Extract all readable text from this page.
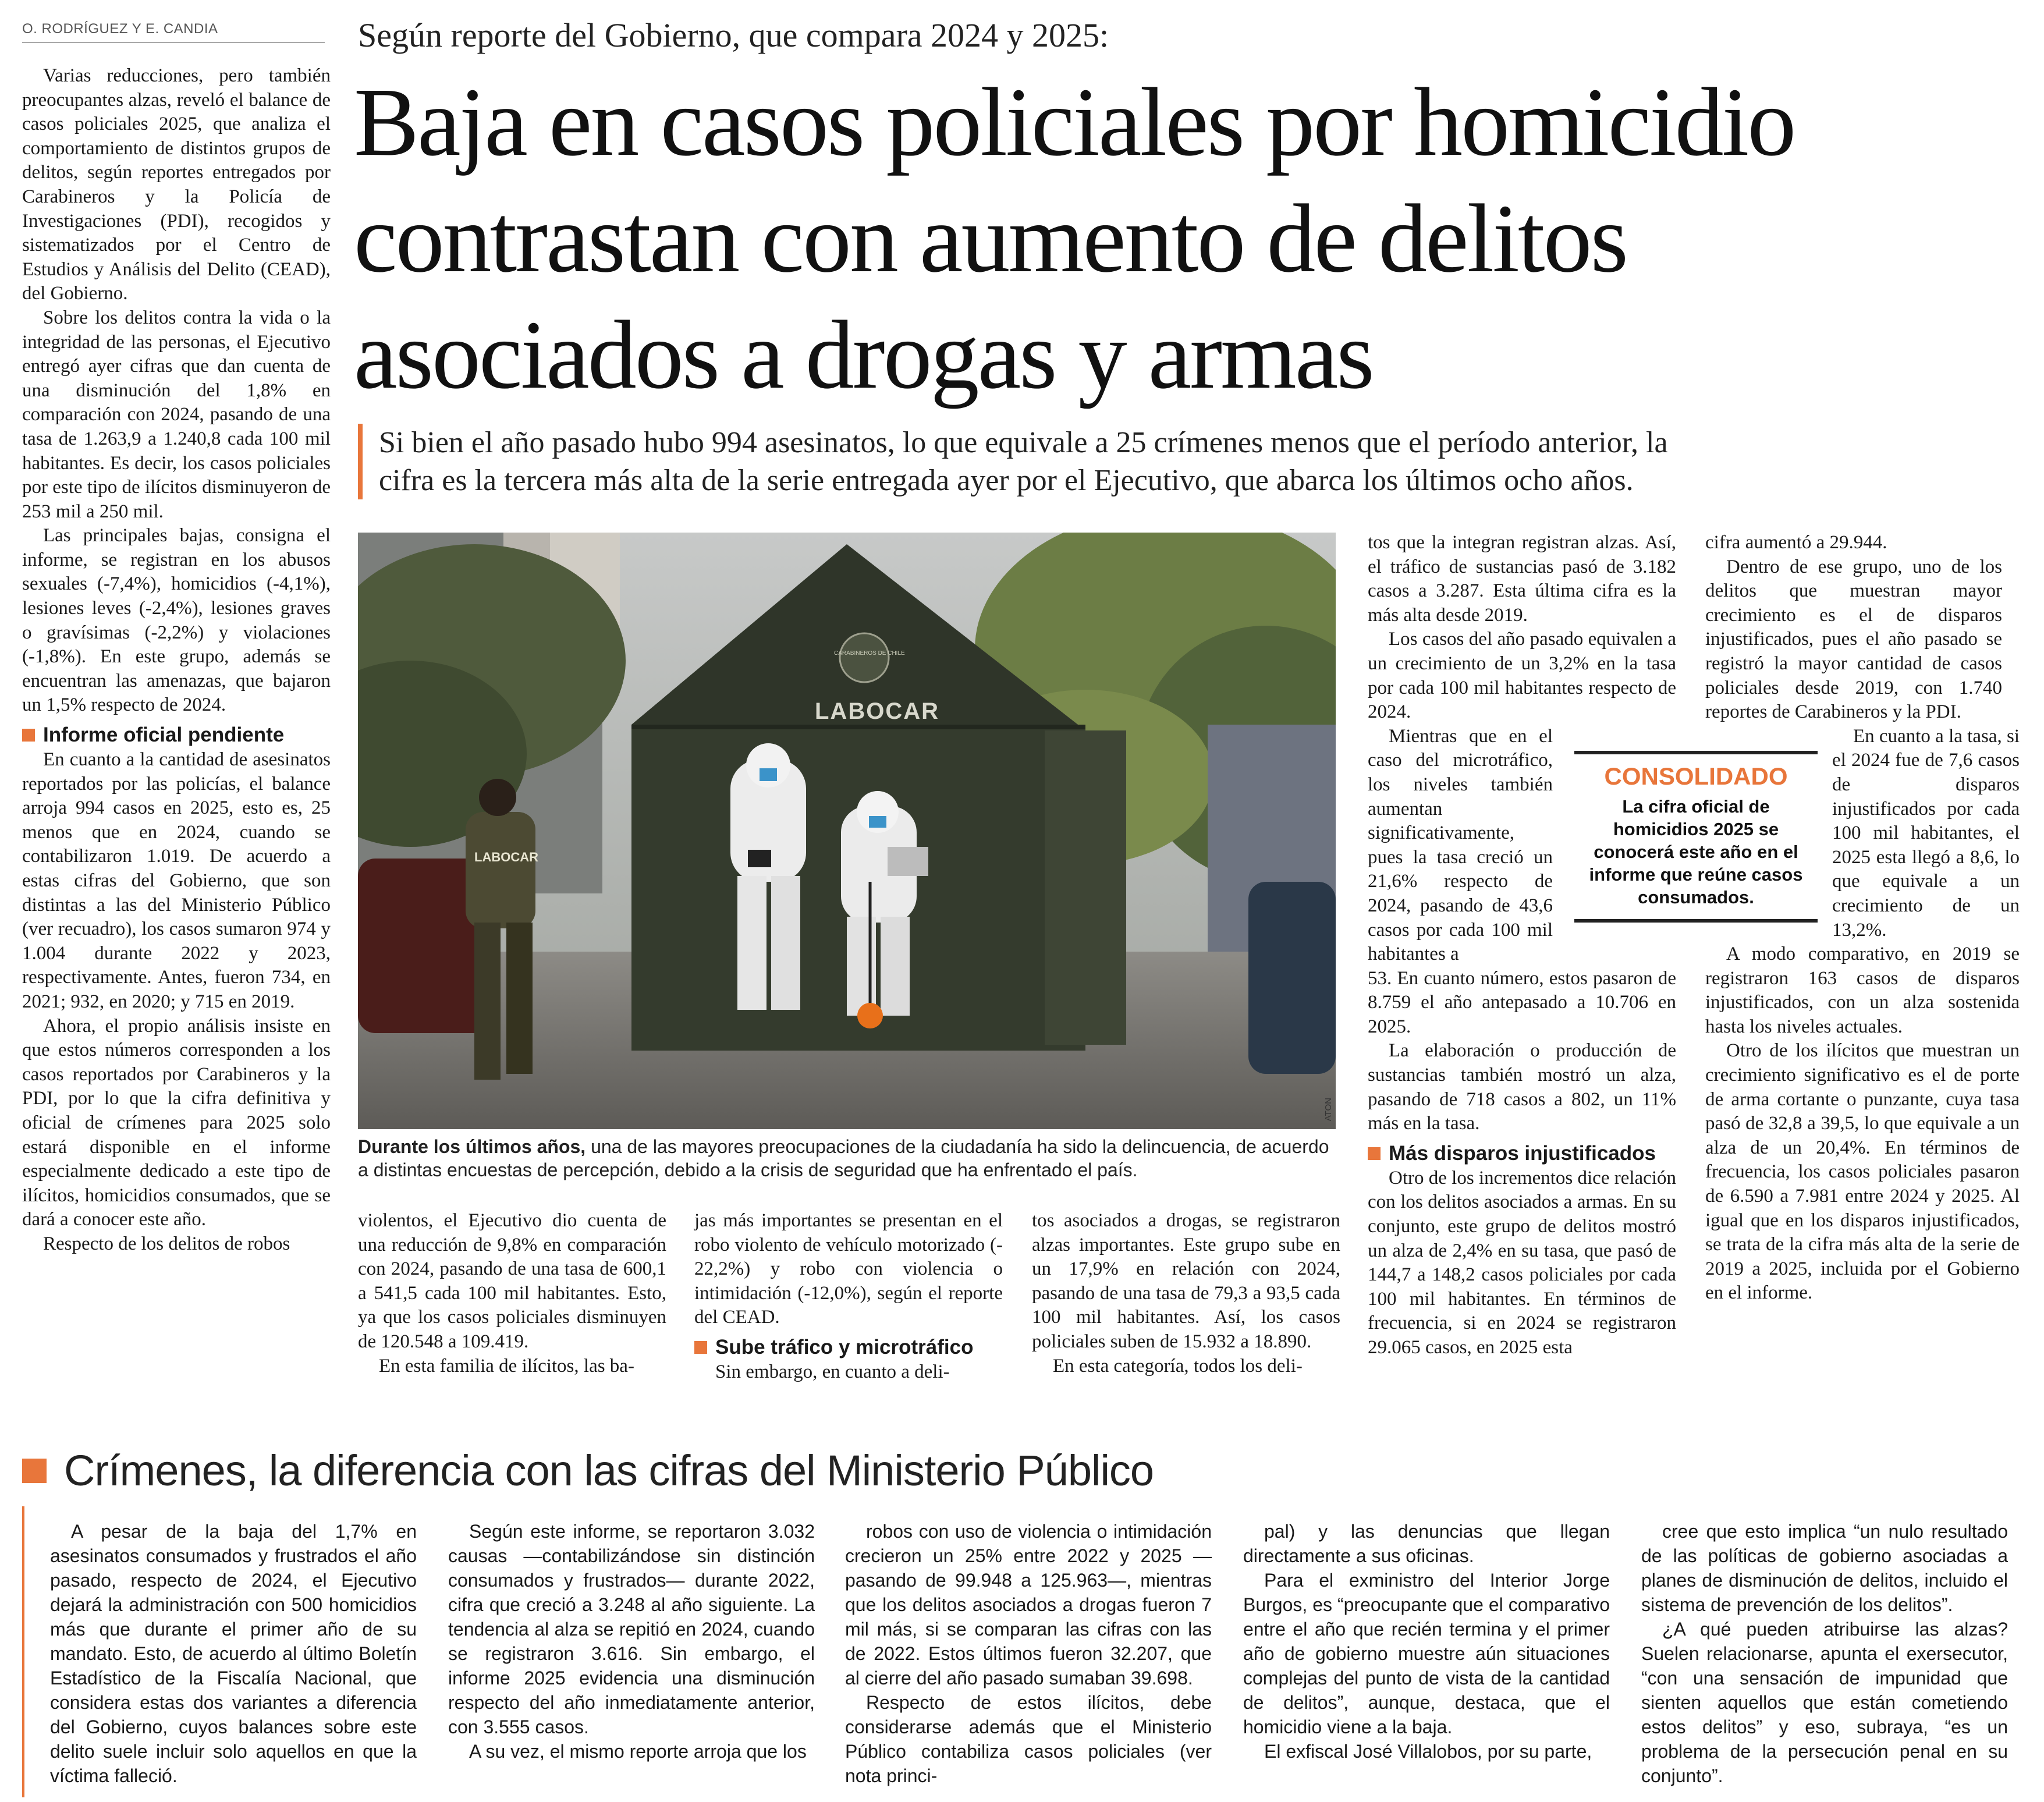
O. RODRÍGUEZ Y E. CANDIA	Según reporte del Gobierno, que compara 2024 y 2025:
Baja en casos policiales por homicidio
contrastan con aumento de delitos
asociados a drogas y armas
Si bien el año pasado hubo 994 asesinatos, lo que equivale a 25 crímenes menos que el período anterior, la
cifra es la tercera más alta de la serie entregada ayer por el Ejecutivo, que abarca los últimos ocho años.

Varias reducciones, pero también preocupantes alzas, reveló el balance de casos policiales 2025, que analiza el comportamiento de distintos grupos de delitos, según reportes entregados por Carabineros y la Policía de Investigaciones (PDI), recogidos y sistematizados por el Centro de Estudios y Análisis del Delito (CEAD), del Gobierno.

Sobre los delitos contra la vida o la integridad de las personas, el Ejecutivo entregó ayer cifras que dan cuenta de una disminución del 1,8% en comparación con 2024, pasando de una tasa de 1.263,9 a 1.240,8 cada 100 mil habitantes. Es decir, los casos policiales por este tipo de ilícitos disminuyeron de 253 mil a 250 mil.

Las principales bajas, consigna el informe, se registran en los abusos sexuales (-7,4%), homicidios (-4,1%), lesiones leves (-2,4%), lesiones graves o gravísimas (-2,2%) y violaciones (-1,8%). En este grupo, además se encuentran las amenazas, que bajaron un 1,5% respecto de 2024.

Informe oficial pendiente

En cuanto a la cantidad de asesinatos reportados por las policías, el balance arroja 994 casos en 2025, esto es, 25 menos que en 2024, cuando se contabilizaron 1.019. De acuerdo a estas cifras del Gobierno, que son distintas a las del Ministerio Público (ver recuadro), los casos sumaron 974 y 1.004 durante 2022 y 2023, respectivamente. Antes, fueron 734, en 2021; 932, en 2020; y 715 en 2019.

Ahora, el propio análisis insiste en que estos números corresponden a los casos reportados por Carabineros y la PDI, por lo que la cifra definitiva y oficial de crímenes para 2025 solo estará disponible en el informe especialmente dedicado a este tipo de ilícitos, homicidios consumados, que se dará a conocer este año.

Respecto de los delitos de robos

CARABINEROS DE CHILE
LABOCAR
LABOCAR
ATON
Durante los últimos años, una de las mayores preocupaciones de la ciudadanía ha sido la delincuencia, de acuerdo a distintas encuestas de percepción, debido a la crisis de seguridad que ha enfrentado el país.

violentos, el Ejecutivo dio cuenta de una reducción de 9,8% en comparación con 2024, pasando de una tasa de 600,1 a 541,5 cada 100 mil habitantes. Esto, ya que los casos policiales disminuyen de 120.548 a 109.419.

En esta familia de ilícitos, las ba-

jas más importantes se presentan en el robo violento de vehículo motorizado (- 22,2%) y robo con violencia o intimidación (-12,0%), según el reporte del CEAD.

Sube tráfico y microtráfico

Sin embargo, en cuanto a deli-

tos asociados a drogas, se registraron alzas importantes. Este grupo sube en un 17,9% en relación con 2024, pasando de una tasa de 79,3 a 93,5 cada 100 mil habitantes. Así, los casos policiales suben de 15.932 a 18.890.

En esta categoría, todos los deli-

tos que la integran registran alzas. Así, el tráfico de sustancias pasó de 3.182 casos a 3.287. Esta última cifra es la más alta desde 2019.

Los casos del año pasado equivalen a un crecimiento de un 3,2% en la tasa por cada 100 mil habitantes respecto de 2024.

Mientras que en el caso del microtráfico, los niveles también aumentan significativamente, pues la tasa creció un 21,6% respecto de 2024, pasando de 43,6 casos por cada 100 mil habitantes a

53. En cuanto número, estos pasaron de 8.759 el año antepasado a 10.706 en 2025.

La elaboración o producción de sustancias también mostró un alza, pasando de 718 casos a 802, un 11% más en la tasa.

Más disparos injustificados

Otro de los incrementos dice relación con los delitos asociados a armas. En su conjunto, este grupo de delitos mostró un alza de 2,4% en su tasa, que pasó de 144,7 a 148,2 casos policiales por cada 100 mil habitantes. En términos de frecuencia, si en 2024 se registraron 29.065 casos, en 2025 esta

cifra aumentó a 29.944.

Dentro de ese grupo, uno de los delitos que muestran mayor crecimiento es el de disparos injustificados, pues el año pasado se registró la mayor cantidad de casos policiales desde 2019, con 1.740 reportes de Carabineros y la PDI.

En cuanto a la tasa, si el 2024 fue de 7,6 casos de disparos injustificados por cada 100 mil habitantes, el 2025 esta llegó a 8,6, lo que equivale a un crecimiento de un 13,2%.

A modo comparativo, en 2019 se registraron 163 casos de disparos injustificados, con un alza sostenida hasta los niveles actuales.

Otro de los ilícitos que muestran un crecimiento significativo es el de porte de arma cortante o punzante, cuya tasa pasó de 32,8 a 39,5, lo que equivale a un alza de un 20,4%. En términos de frecuencia, los casos policiales pasaron de 6.590 a 7.981 entre 2024 y 2025. Al igual que en los disparos injustificados, se trata de la cifra más alta de la serie de 2019 a 2025, incluida por el Gobierno en el informe.

CONSOLIDADO
La cifra oficial de homicidios 2025 se conocerá este año en el informe que reúne casos consumados.
Crímenes, la diferencia con las cifras del Ministerio Público

A pesar de la baja del 1,7% en asesinatos consumados y frustrados el año pasado, respecto de 2024, el Ejecutivo dejará la administración con 500 homicidios más que durante el primer año de su mandato. Esto, de acuerdo al último Boletín Estadístico de la Fiscalía Nacional, que considera estas dos variantes a diferencia del Gobierno, cuyos balances sobre este delito suele incluir solo aquellos en que la víctima falleció.

Según este informe, se reportaron 3.032 causas —contabilizándose sin distinción consumados y frustrados— durante 2022, cifra que creció a 3.248 al año siguiente. La tendencia al alza se repitió en 2024, cuando se registraron 3.616. Sin embargo, el informe 2025 evidencia una disminución respecto del año inmediatamente anterior, con 3.555 casos.

A su vez, el mismo reporte arroja que los

robos con uso de violencia o intimidación crecieron un 25% entre 2022 y 2025 —pasando de 99.948 a 125.963—, mientras que los delitos asociados a drogas fueron 7 mil más, si se comparan las cifras con las de 2022. Estos últimos fueron 32.207, que al cierre del año pasado sumaban 39.698.

Respecto de estos ilícitos, debe considerarse además que el Ministerio Público contabiliza casos policiales (ver nota princi-

pal) y las denuncias que llegan directamente a sus oficinas.

Para el exministro del Interior Jorge Burgos, es “preocupante que el comparativo entre el año que recién termina y el primer año de gobierno muestre aún situaciones complejas del punto de vista de la cantidad de delitos”, aunque, destaca, que el homicidio viene a la baja.

El exfiscal José Villalobos, por su parte,

cree que esto implica “un nulo resultado de las políticas de gobierno asociadas a planes de disminución de delitos, incluido el sistema de prevención de los delitos”.

¿A qué pueden atribuirse las alzas? Suelen relacionarse, apunta el exersecutor, “con una sensación de impunidad que sienten aquellos que están cometiendo estos delitos” y eso, subraya, “es un problema de la persecución penal en su conjunto”.
